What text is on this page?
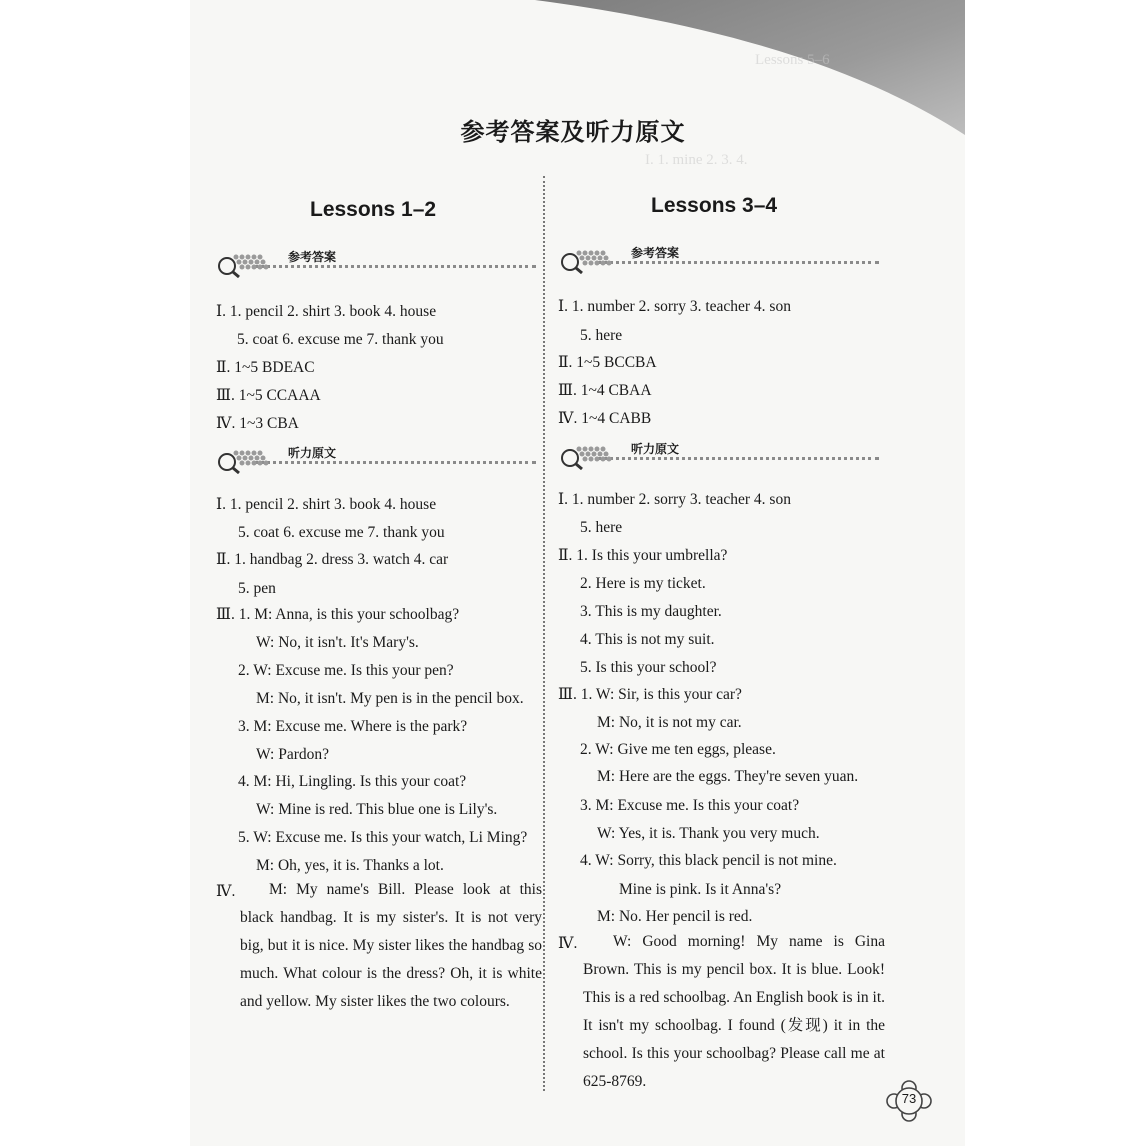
Lessons 5–6
I. 1. mine 2. 3. 4.
参考答案及听力原文
Lessons 1–2	Lessons 3–4
参考答案
Ⅰ. 1. pencil 2. shirt 3. book 4. house
5. coat 6. excuse me 7. thank you
Ⅱ. 1~5 BDEAC
Ⅲ. 1~5 CCAAA
Ⅳ. 1~3 CBA
听力原文
Ⅰ. 1. pencil 2. shirt 3. book 4. house
5. coat 6. excuse me 7. thank you
Ⅱ. 1. handbag 2. dress 3. watch 4. car
5. pen
Ⅲ. 1. M: Anna, is this your schoolbag?
W: No, it isn't. It's Mary's.
2. W: Excuse me. Is this your pen?
M: No, it isn't. My pen is in the pencil box.
3. M: Excuse me. Where is the park?
W: Pardon?
4. M: Hi, Lingling. Is this your coat?
W: Mine is red. This blue one is Lily's.
5. W: Excuse me. Is this your watch, Li Ming?
M: Oh, yes, it is. Thanks a lot.
Ⅳ.	M: My name's Bill. Please look at this black handbag. It is my sister's. It is not very big, but it is nice. My sister likes the handbag so much. What colour is the dress? Oh, it is white and yellow. My sister likes the two colours.

参考答案
Ⅰ. 1. number 2. sorry 3. teacher 4. son
5. here
Ⅱ. 1~5 BCCBA
Ⅲ. 1~4 CBAA
Ⅳ. 1~4 CABB
听力原文
Ⅰ. 1. number 2. sorry 3. teacher 4. son
5. here
Ⅱ. 1. Is this your umbrella?
2. Here is my ticket.
3. This is my daughter.
4. This is not my suit.
5. Is this your school?
Ⅲ. 1. W: Sir, is this your car?
M: No, it is not my car.
2. W: Give me ten eggs, please.
M: Here are the eggs. They're seven yuan.
3. M: Excuse me. Is this your coat?
W: Yes, it is. Thank you very much.
4. W: Sorry, this black pencil is not mine.
Mine is pink. Is it Anna's?
M: No. Her pencil is red.
Ⅳ.	W: Good morning! My name is Gina Brown. This is my pencil box. It is blue. Look! This is a red schoolbag. An English book is in it. It isn't my schoolbag. I found (发现) it in the school. Is this your schoolbag? Please call me at 625-8769.

73
